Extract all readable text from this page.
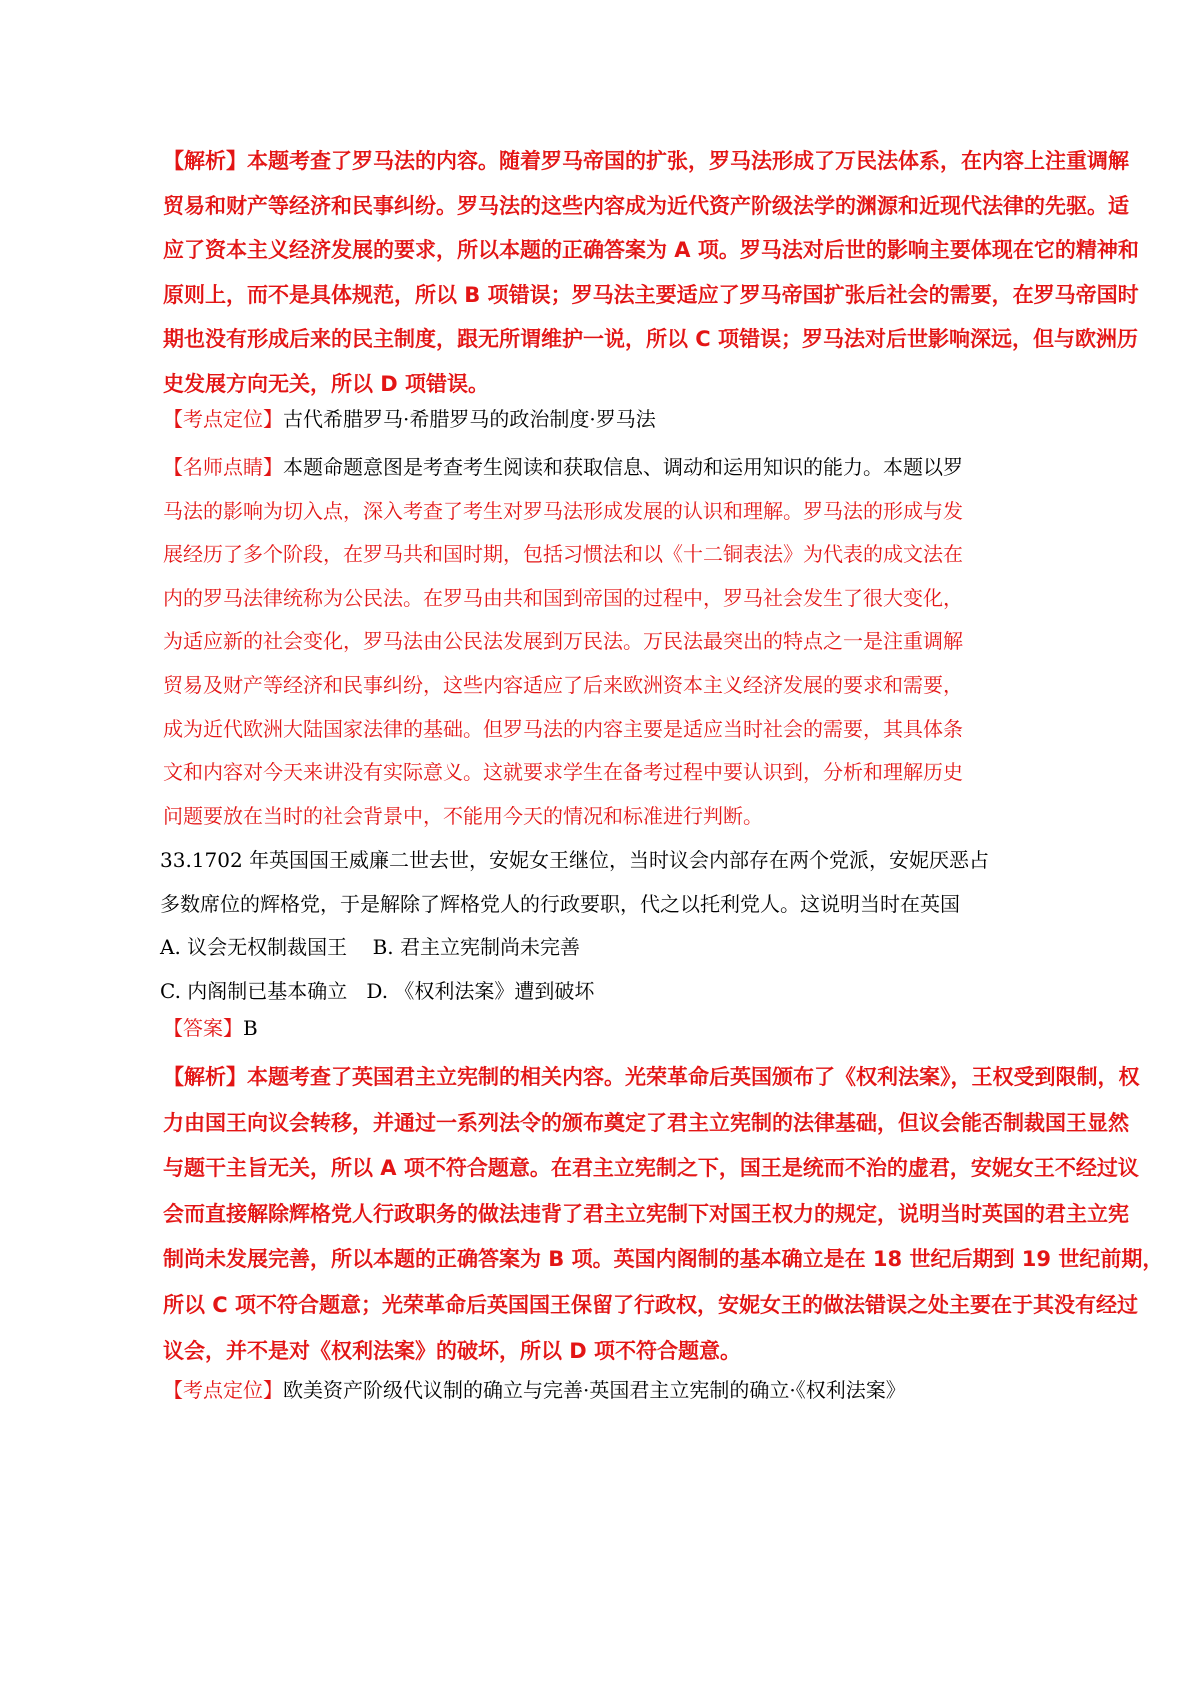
【解析】本题考查了罗马法的内容。随着罗马帝国的扩张，罗马法形成了万民法体系，在内容上注重调解
贸易和财产等经济和民事纠纷。罗马法的这些内容成为近代资产阶级法学的渊源和近现代法律的先驱。适
应了资本主义经济发展的要求，所以本题的正确答案为 A 项。罗马法对后世的影响主要体现在它的精神和
原则上，而不是具体规范，所以 B 项错误；罗马法主要适应了罗马帝国扩张后社会的需要，在罗马帝国时
期也没有形成后来的民主制度，跟无所谓维护一说，所以 C 项错误；罗马法对后世影响深远，但与欧洲历
史发展方向无关，所以 D 项错误。
【考点定位】古代希腊罗马·希腊罗马的政治制度·罗马法
【名师点睛】本题命题意图是考查考生阅读和获取信息、调动和运用知识的能力。本题以罗
马法的影响为切入点，深入考查了考生对罗马法形成发展的认识和理解。罗马法的形成与发
展经历了多个阶段，在罗马共和国时期，包括习惯法和以《十二铜表法》为代表的成文法在
内的罗马法律统称为公民法。在罗马由共和国到帝国的过程中，罗马社会发生了很大变化，
为适应新的社会变化，罗马法由公民法发展到万民法。万民法最突出的特点之一是注重调解
贸易及财产等经济和民事纠纷，这些内容适应了后来欧洲资本主义经济发展的要求和需要，
成为近代欧洲大陆国家法律的基础。但罗马法的内容主要是适应当时社会的需要，其具体条
文和内容对今天来讲没有实际意义。这就要求学生在备考过程中要认识到，分析和理解历史
问题要放在当时的社会背景中，不能用今天的情况和标准进行判断。
33.1702 年英国国王威廉二世去世，安妮女王继位，当时议会内部存在两个党派，安妮厌恶占
多数席位的辉格党，于是解除了辉格党人的行政要职，代之以托利党人。这说明当时在英国
A. 议会无权制裁国王    B. 君主立宪制尚未完善
C. 内阁制已基本确立   D. 《权利法案》遭到破坏
【答案】B
【解析】本题考查了英国君主立宪制的相关内容。光荣革命后英国颁布了《权利法案》，王权受到限制，权
力由国王向议会转移，并通过一系列法令的颁布奠定了君主立宪制的法律基础，但议会能否制裁国王显然
与题干主旨无关，所以 A 项不符合题意。在君主立宪制之下，国王是统而不治的虚君，安妮女王不经过议
会而直接解除辉格党人行政职务的做法违背了君主立宪制下对国王权力的规定，说明当时英国的君主立宪
制尚未发展完善，所以本题的正确答案为 B 项。英国内阁制的基本确立是在 18 世纪后期到 19 世纪前期，
所以 C 项不符合题意；光荣革命后英国国王保留了行政权，安妮女王的做法错误之处主要在于其没有经过
议会，并不是对《权利法案》的破坏，所以 D 项不符合题意。
【考点定位】欧美资产阶级代议制的确立与完善·英国君主立宪制的确立·《权利法案》
